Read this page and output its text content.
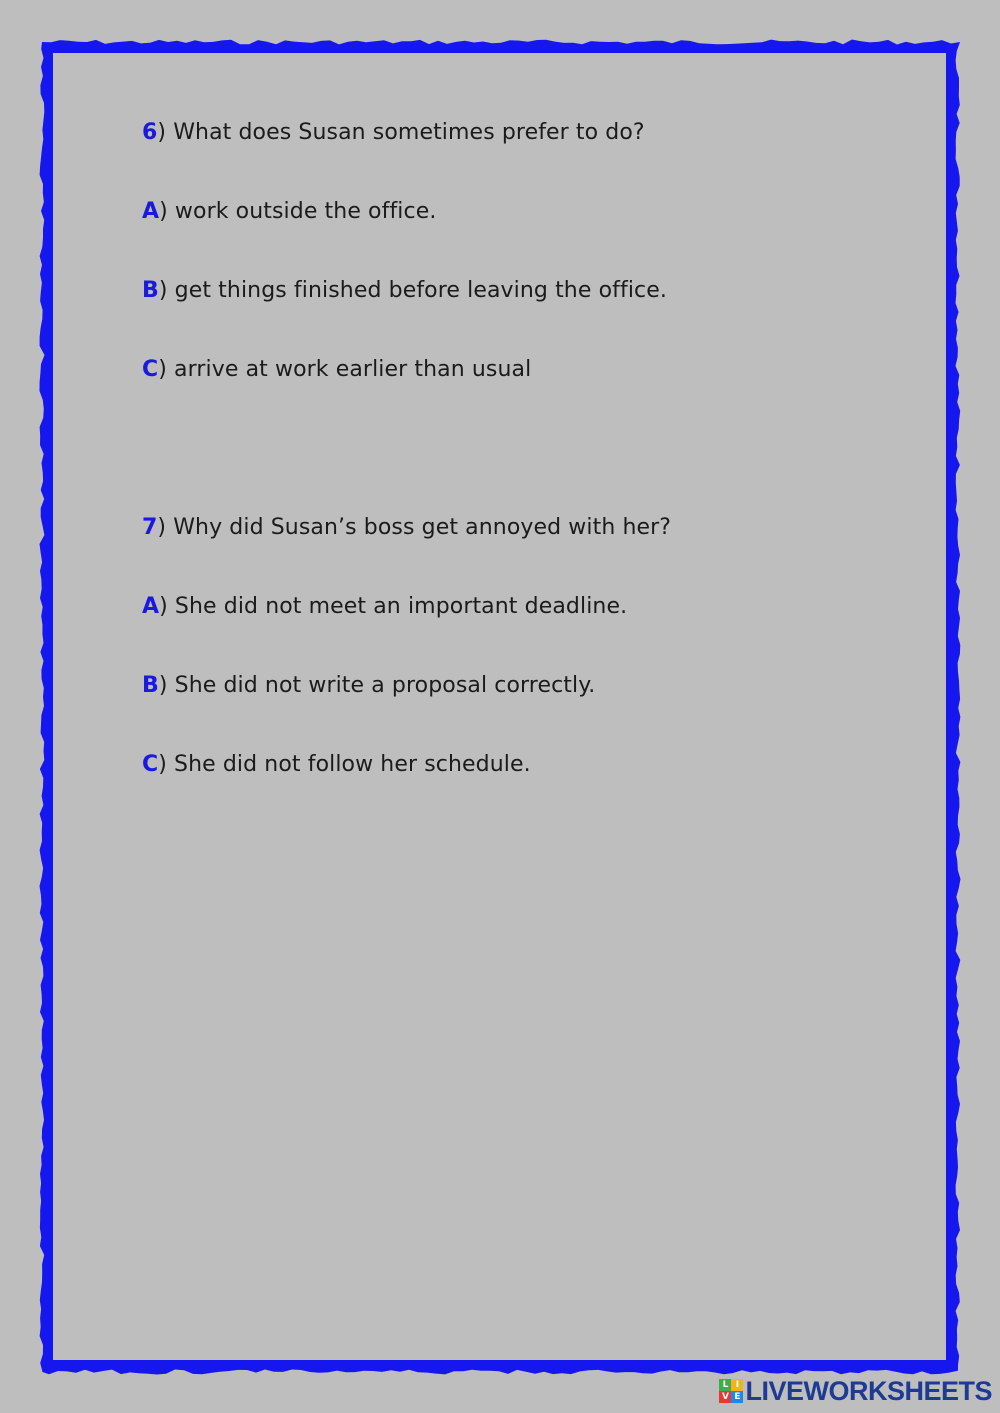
6) What does Susan sometimes prefer to do?
A) work outside the office.
B) get things finished before leaving the office.
C) arrive at work earlier than usual
7) Why did Susan’s boss get annoyed with her?
A) She did not meet an important deadline.
B) She did not write a proposal correctly.
C) She did not follow her schedule.
L I
V E LIVEWORKSHEETS
